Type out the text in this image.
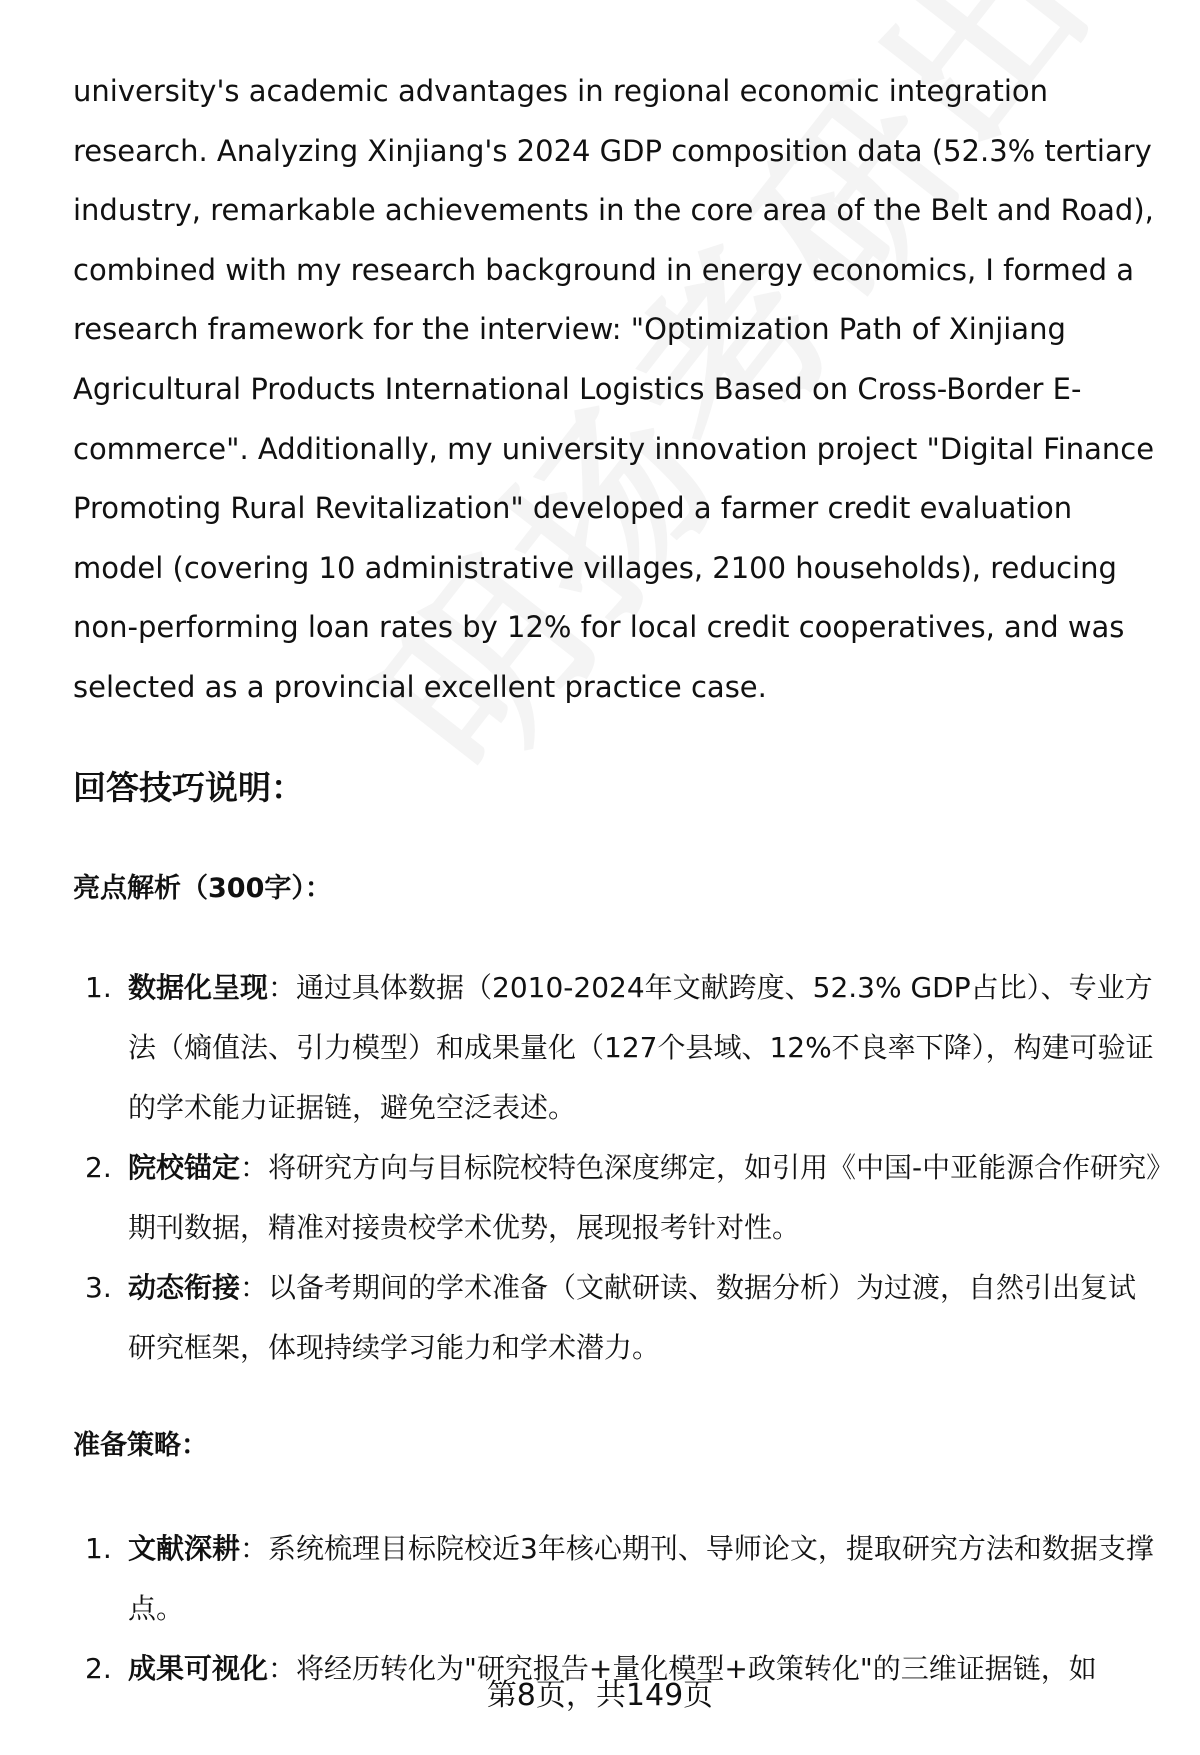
university's academic advantages in regional economic integration research. Analyzing Xinjiang's 2024 GDP composition data (52.3% tertiary industry, remarkable achievements in the core area of the Belt and Road), combined with my research background in energy economics, I formed a research framework for the interview: "Optimization Path of Xinjiang Agricultural Products International Logistics Based on Cross-Border E-commerce". Additionally, my university innovation project "Digital Finance Promoting Rural Revitalization" developed a farmer credit evaluation model (covering 10 administrative villages, 2100 households), reducing non-performing loan rates by 12% for local credit cooperatives, and was selected as a provincial excellent practice case.

回答技巧说明：
亮点解析（300字）：
1. 数据化呈现：通过具体数据（2010-2024年文献跨度、52.3% GDP占比）、专业方法（熵值法、引力模型）和成果量化（127个县域、12%不良率下降），构建可验证的学术能力证据链，避免空泛表述。
2. 院校锚定：将研究方向与目标院校特色深度绑定，如引用《中国-中亚能源合作研究》期刊数据，精准对接贵校学术优势，展现报考针对性。
3. 动态衔接：以备考期间的学术准备（文献研读、数据分析）为过渡，自然引出复试研究框架，体现持续学习能力和学术潜力。
准备策略：
1. 文献深耕：系统梳理目标院校近3年核心期刊、导师论文，提取研究方法和数据支撑点。
2. 成果可视化：将经历转化为"研究报告+量化模型+政策转化"的三维证据链，如
第8页，共149页
